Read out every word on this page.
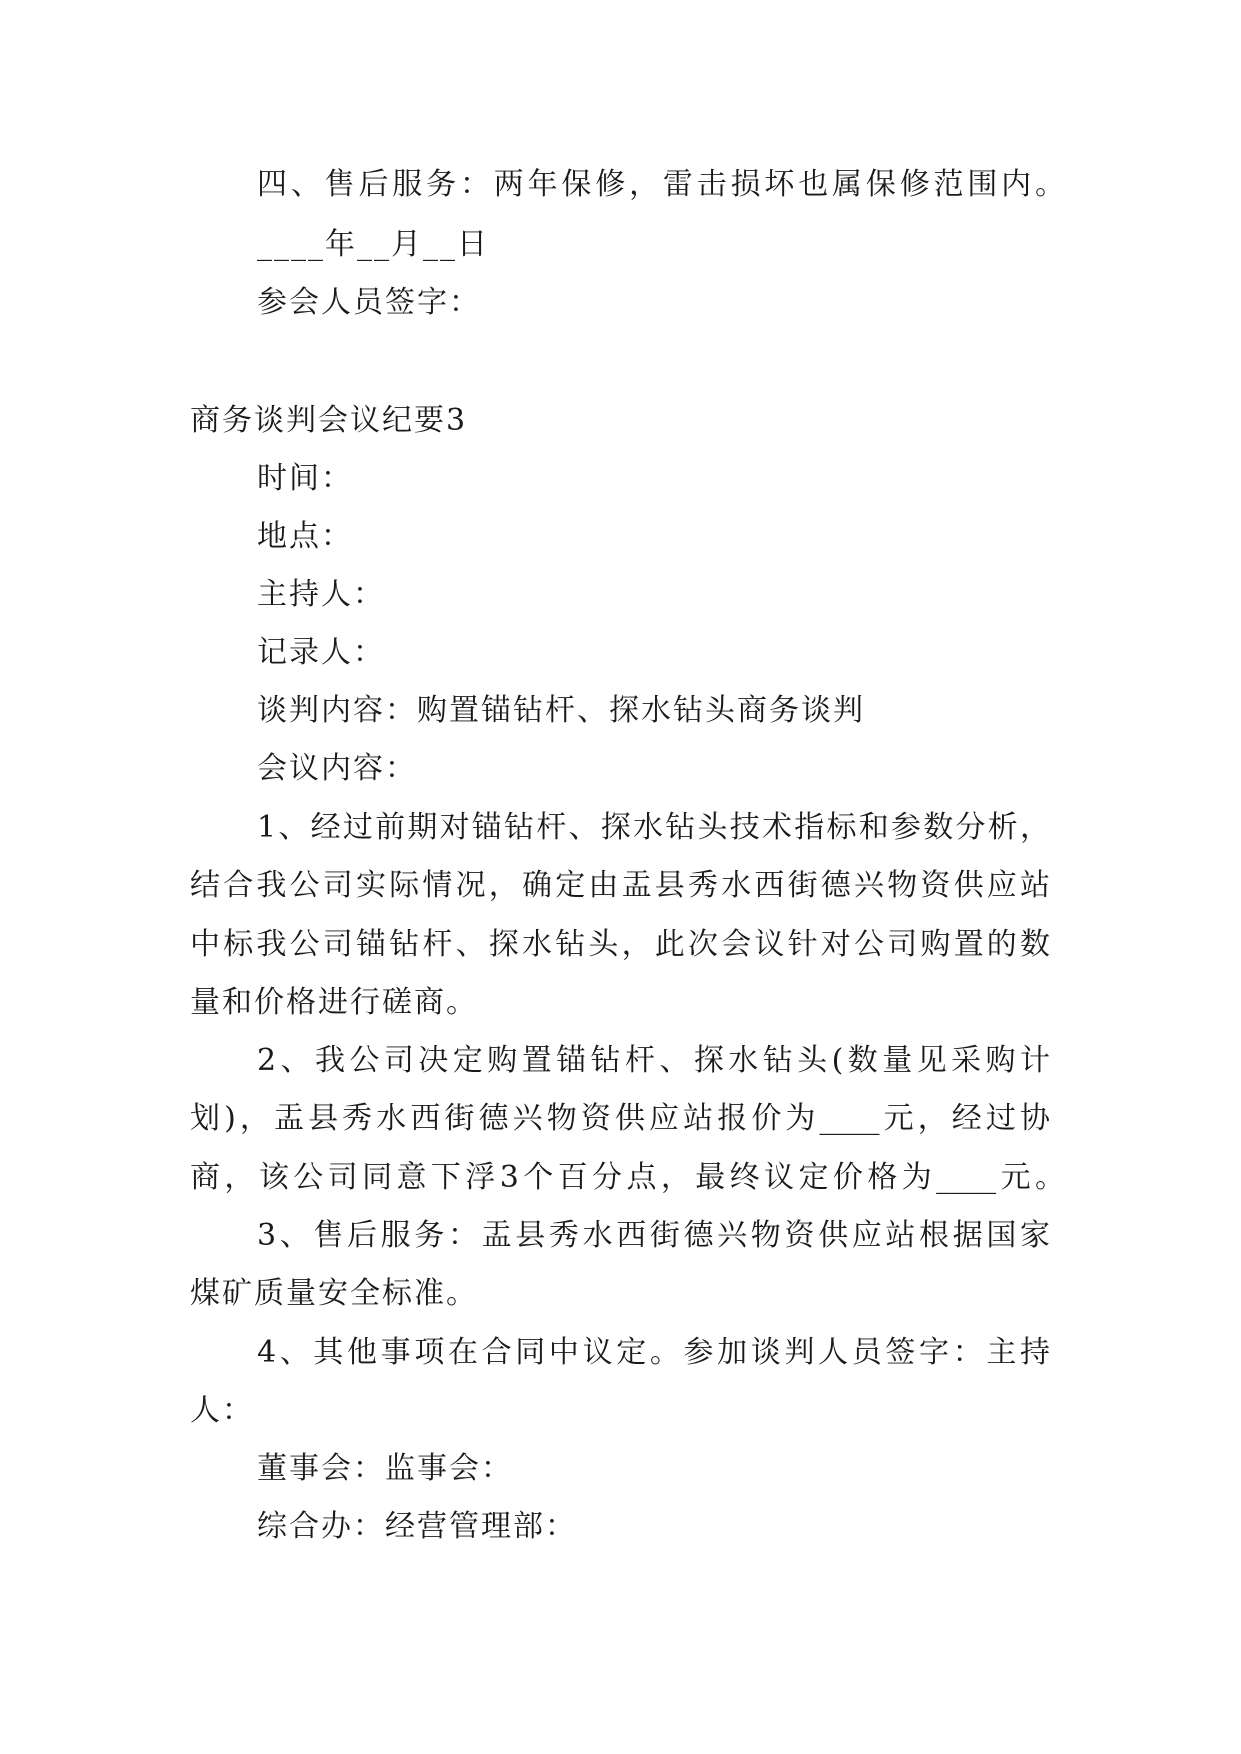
四、售后服务：两年保修，雷击损坏也属保修范围内。
____年__月__日
参会人员签字：
商务谈判会议纪要3
时间：
地点：
主持人：
记录人：
谈判内容：购置锚钻杆、探水钻头商务谈判
会议内容：
1、经过前期对锚钻杆、探水钻头技术指标和参数分析，
结合我公司实际情况，确定由盂县秀水西街德兴物资供应站
中标我公司锚钻杆、探水钻头，此次会议针对公司购置的数
量和价格进行磋商。
2、我公司决定购置锚钻杆、探水钻头(数量见采购计
划)，盂县秀水西街德兴物资供应站报价为____元，经过协
商，该公司同意下浮3个百分点，最终议定价格为____元。
3、售后服务：盂县秀水西街德兴物资供应站根据国家
煤矿质量安全标准。
4、其他事项在合同中议定。参加谈判人员签字：主持
人：
董事会：监事会：
综合办：经营管理部：
